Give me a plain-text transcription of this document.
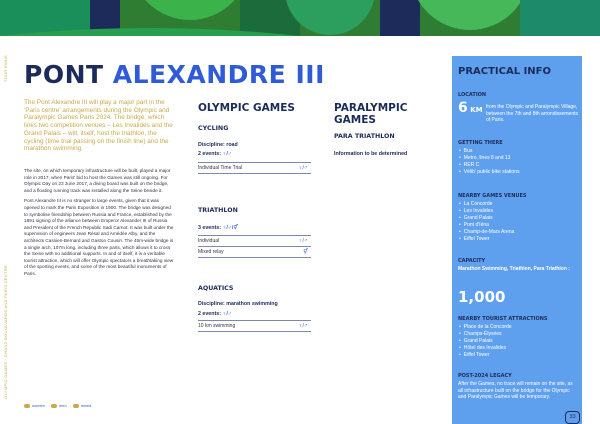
TOUR PARIS
OLYMPIC GAMES · GRAND BOULEVARDS AND PARIS CENTRE
PONT ALEXANDRE III
The Pont Alexandre III will play a major part in the 'Paris centre' arrangements during the Olympic and Paralympic Games Paris 2024. The bridge, which links two competition venues – Les Invalides and the Grand Palais – will, itself, host the triathlon, the cycling (time trial passing on the finish line) and the marathon swimming.

The site, on which temporary infrastructure will be built, played a major role in 2017, when Paris' bid to host the Games was still ongoing. For Olympic Day on 23 June 2017, a diving board was built on the bridge, and a floating running track was installed along the Seine beside it.

Pont Alexandre III is no stranger to large events, given that it was opened to mark the Paris Exposition in 1900. The bridge was designed to symbolise friendship between Russia and France, established by the 1891 signing of the alliance between Emperor Alexander III of Russia and President of the French Republic Sadi Carnot. It was built under the supervision of engineers Jean Résal and Amédée Alby, and the architects Cassien-Bernard and Gaston Cousin. The 45m-wide bridge is a single arch, 107m long, including three parts, which allows it to cross the Seine with no additional supports. In and of itself, it is a veritable tourist attraction, which will offer Olympic spectators a breathtaking view of the sporting events, and some of the most beautiful monuments of Paris.

women	men	mixed
OLYMPIC GAMES	PARALYMPIC
GAMES
CYCLING
Discipline: road
2 events: ♀/♂
Individual Time Trial	♀/♂
TRIATHLON
3 events: ♀/♂/⚥
Individual	♀/♂
Mixed relay	⚥
AQUATICS
Discipline: marathon swimming
2 events: ♀/♂
10 km swimming	♀/♂
PARA TRIATHLON
Information to be determined
PRACTICAL INFO
LOCATION
6 KM from the Olympic and Paralympic Village, between the 7th and 8th arrondissements of Paris.
GETTING THERE
• Bus
• Metro, lines 8 and 13
• RER C
• Vélib' public bike stations
NEARBY GAMES VENUES
• La Concorde
• Les Invalides
• Grand Palais
• Pont d'Iéna
• Champ-de-Mars Arena
• Eiffel Tower
CAPACITY
Marathon Swimming, Triathlon, Para Triathlon :
1,000
NEARBY TOURIST ATTRACTIONS
• Place de la Concorde
• Champs-Élysées
• Grand Palais
• Hôtel des Invalides
• Eiffel Tower
POST-2024 LEGACY
After the Games, no trace will remain on the site, as all infrastructure built on the bridge for the Olympic and Paralympic Games will be temporary.
33
